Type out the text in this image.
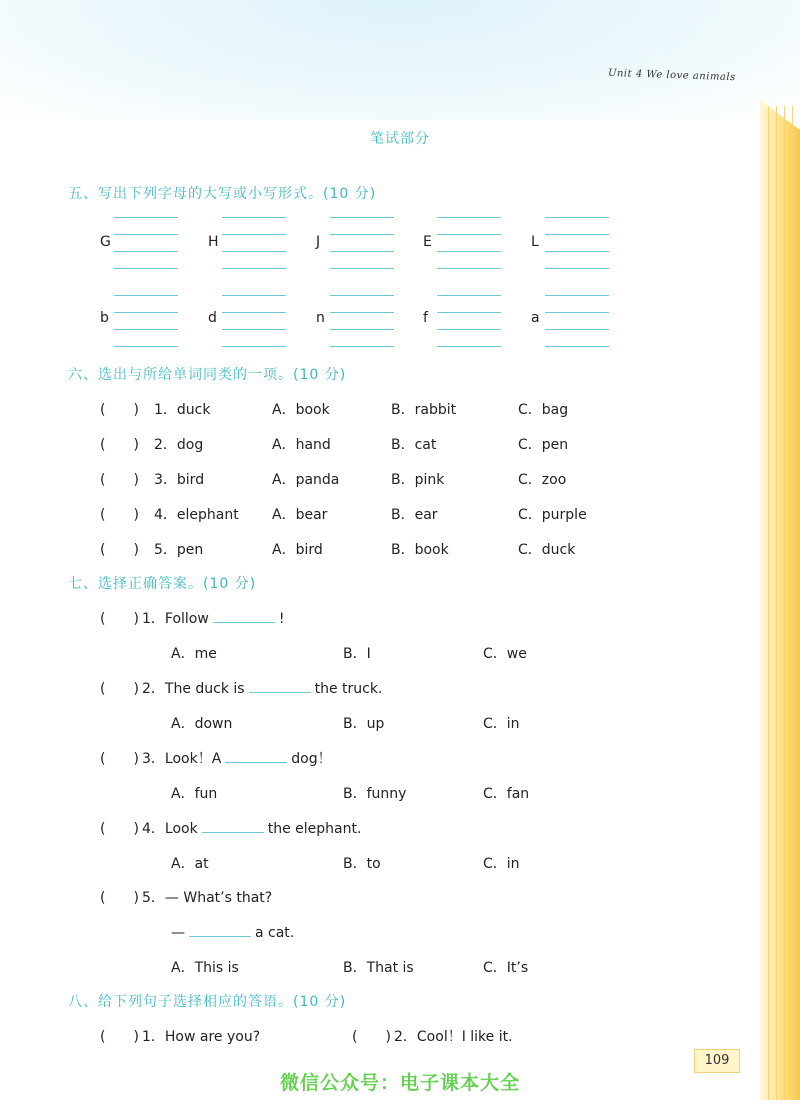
Unit 4 We love animals
笔试部分
五、写出下列字母的大写或小写形式。(10 分)
G	H	J	E	L
b	d	n	f	a
六、选出与所给单词同类的一项。(10 分)
(　　) 1．duck	A．book	B．rabbit	C．bag
(　　) 2．dog	A．hand	B．cat	C．pen
(　　) 3．bird	A．panda	B．pink	C．zoo
(　　) 4．elephant A．bear	B．ear	C．purple
(　　) 5．pen	A．bird	B．book	C．duck
七、选择正确答案。(10 分)
(　　) 1．Follow	!
A．me	B．I	C．we
(　　) 2．The duck is	the truck.
A．down	B．up	C．in
(　　) 3．Look！A	dog！
A．fun	B．funny	C．fan
(　　) 4．Look	the elephant.
A．at	B．to	C．in
(　　) 5．— What’s that?
—	a cat.
A．This is	B．That is	C．It’s
八、给下列句子选择相应的答语。(10 分)
(　　) 1．How are you?	(　　) 2．Cool！I like it.
109
微信公众号：电子课本大全
